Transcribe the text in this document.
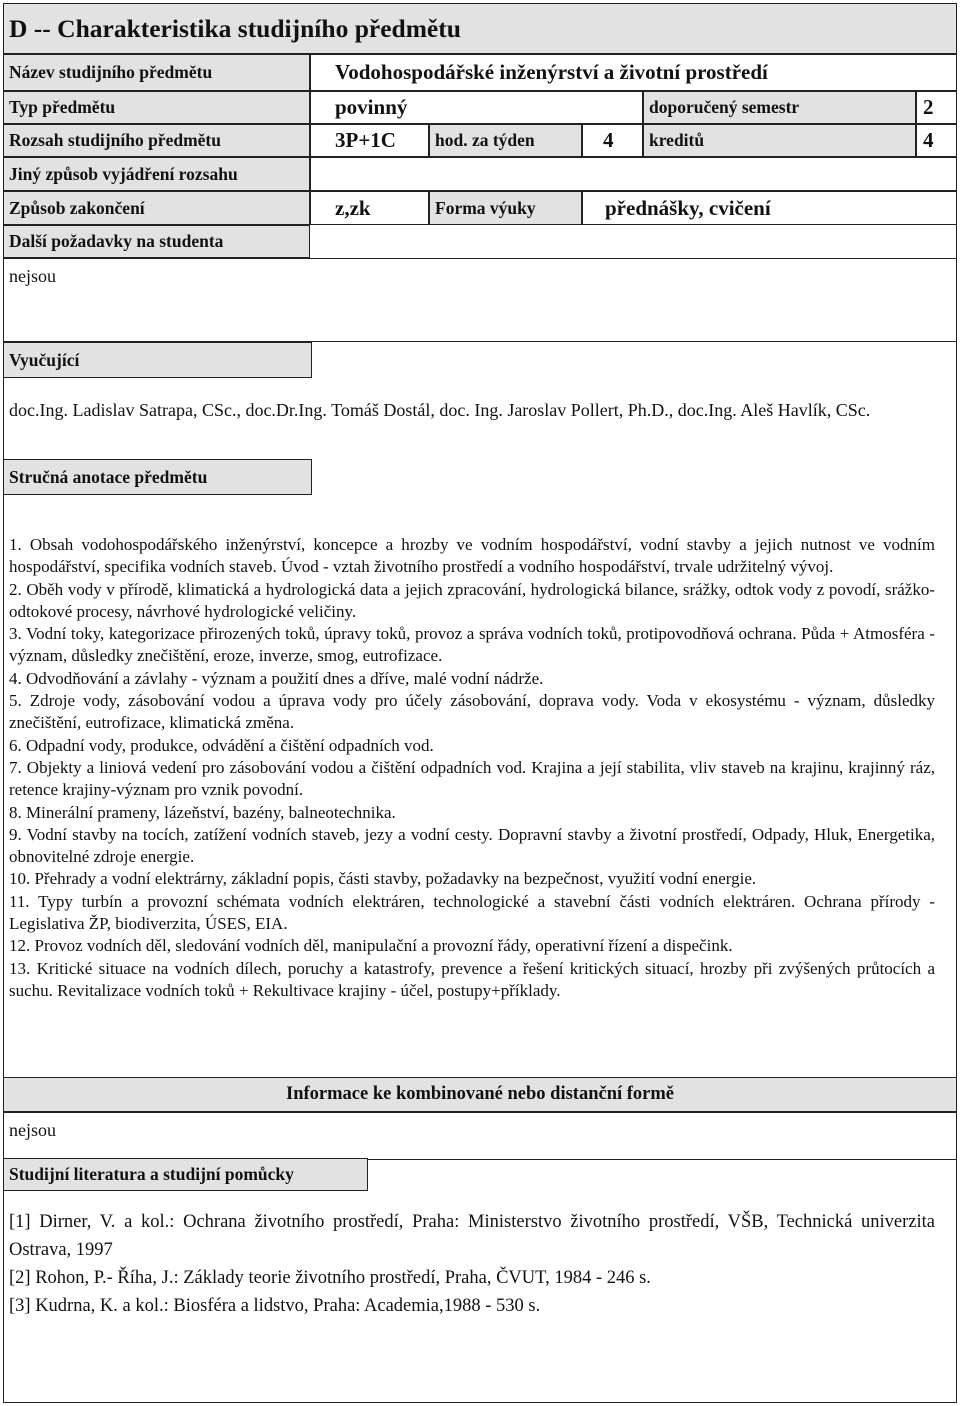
D -- Charakteristika studijního předmětu
Název studijního předmětu	Vodohospodářské inženýrství a životní prostředí
Typ předmětu	povinný	doporučený semestr	2
Rozsah studijního předmětu	3P+1C	hod. za týden	4	kreditů	4
Jiný způsob vyjádření rozsahu
Způsob zakončení	z,zk	Forma výuky	přednášky, cvičení
Další požadavky na studenta
nejsou
Vyučující
doc.Ing. Ladislav Satrapa, CSc., doc.Dr.Ing. Tomáš Dostál, doc. Ing. Jaroslav Pollert, Ph.D., doc.Ing. Aleš Havlík, CSc.
Stručná anotace předmětu
1. Obsah vodohospodářského inženýrství, koncepce a hrozby ve vodním hospodářství, vodní stavby a jejich nutnost ve vodním hospodářství, specifika vodních staveb. Úvod - vztah životního prostředí a vodního hospodářství, trvale udržitelný vývoj.
2. Oběh vody v přírodě, klimatická a hydrologická data a jejich zpracování, hydrologická bilance, srážky, odtok vody z povodí, srážko-odtokové procesy, návrhové hydrologické veličiny.
3. Vodní toky, kategorizace přirozených toků, úpravy toků, provoz a správa vodních toků, protipovodňová ochrana. Půda + Atmosféra - význam, důsledky znečištění, eroze, inverze, smog, eutrofizace.
4. Odvodňování a závlahy - význam a použití dnes a dříve, malé vodní nádrže.
5. Zdroje vody, zásobování vodou a úprava vody pro účely zásobování, doprava vody. Voda v ekosystému - význam, důsledky znečištění, eutrofizace, klimatická změna.
6. Odpadní vody, produkce, odvádění a čištění odpadních vod.
7. Objekty a liniová vedení pro zásobování vodou a čištění odpadních vod. Krajina a její stabilita, vliv staveb na krajinu, krajinný ráz, retence krajiny-význam pro vznik povodní.
8. Minerální prameny, lázeňství, bazény, balneotechnika.
9. Vodní stavby na tocích, zatížení vodních staveb, jezy a vodní cesty. Dopravní stavby a životní prostředí, Odpady, Hluk, Energetika, obnovitelné zdroje energie.
10. Přehrady a vodní elektrárny, základní popis, části stavby, požadavky na bezpečnost, využití vodní energie.
11. Typy turbín a provozní schémata vodních elektráren, technologické a stavební části vodních elektráren. Ochrana přírody - Legislativa ŽP, biodiverzita, ÚSES, EIA.
12. Provoz vodních děl, sledování vodních děl, manipulační a provozní řády, operativní řízení a dispečink.
13. Kritické situace na vodních dílech, poruchy a katastrofy, prevence a řešení kritických situací, hrozby při zvýšených průtocích a suchu. Revitalizace vodních toků + Rekultivace krajiny - účel, postupy+příklady.
Informace ke kombinované nebo distanční formě
nejsou
Studijní literatura a studijní pomůcky
[1] Dirner, V. a kol.: Ochrana životního prostředí, Praha: Ministerstvo životního prostředí, VŠB, Technická univerzita Ostrava, 1997
[2] Rohon, P.- Říha, J.: Základy teorie životního prostředí, Praha, ČVUT, 1984 - 246 s.
[3] Kudrna, K. a kol.: Biosféra a lidstvo, Praha: Academia,1988 - 530 s.
